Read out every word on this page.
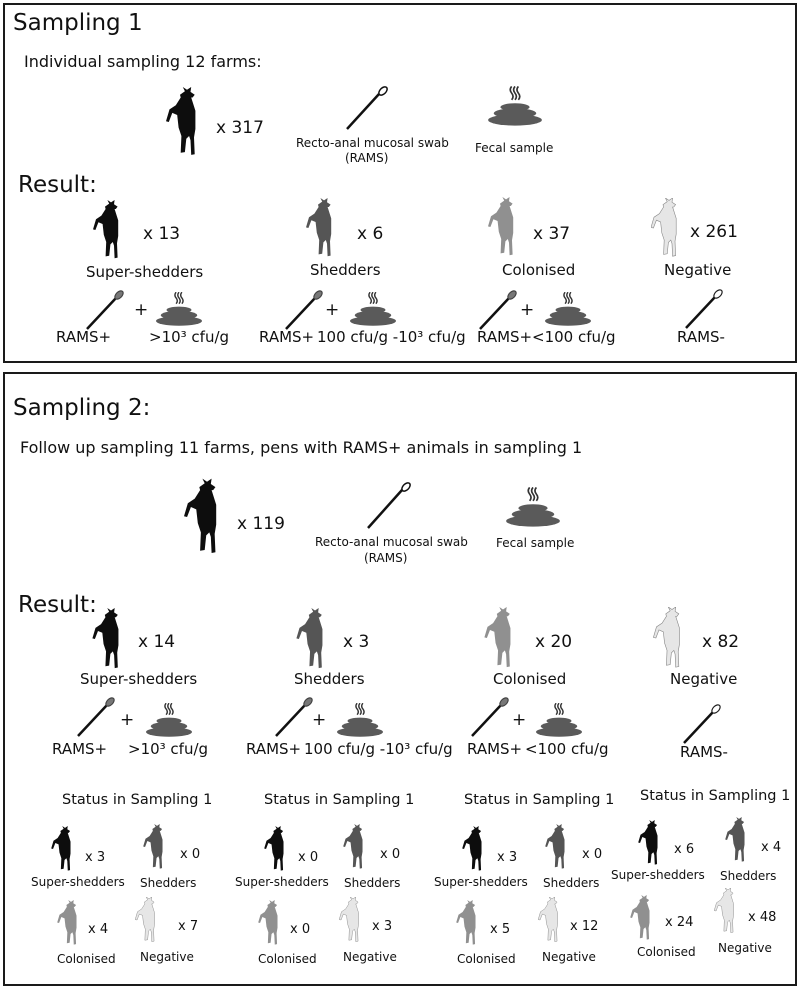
Sampling 1
Individual sampling 12 farms:
x 317
Recto-anal mucosal swab
(RAMS)
Fecal sample
Result:
x 13	x 6	x 37	x 261
Super-shedders	Shedders	Colonised	Negative
+
RAMS+	>10³ cfu/g
+
RAMS+ 100 cfu/g -10³ cfu/g
+
RAMS+ <100 cfu/g	RAMS-
Sampling 2:
Follow up sampling 11 farms, pens with RAMS+ animals in sampling 1
x 119
Recto-anal mucosal swab
(RAMS)
Fecal sample
Result:
x 14	x 3	x 20	x 82
Super-shedders	Shedders	Colonised	Negative
+
RAMS+ >10³ cfu/g
+
RAMS+ 100 cfu/g -10³ cfu/g
+
RAMS+ <100 cfu/g	RAMS-
Status in Sampling 1
x 3
Super-shedders
x 0
Shedders
x 4
Colonised
x 7
Negative
Status in Sampling 1
x 0
Super-shedders
x 0
Shedders
x 0
Colonised
x 3
Negative
Status in Sampling 1
x 3
Super-shedders
x 0
Shedders
x 5
Colonised
x 12
Negative
Status in Sampling 1
x 6
Super-shedders
x 4
Shedders
x 24
Colonised
x 48
Negative
